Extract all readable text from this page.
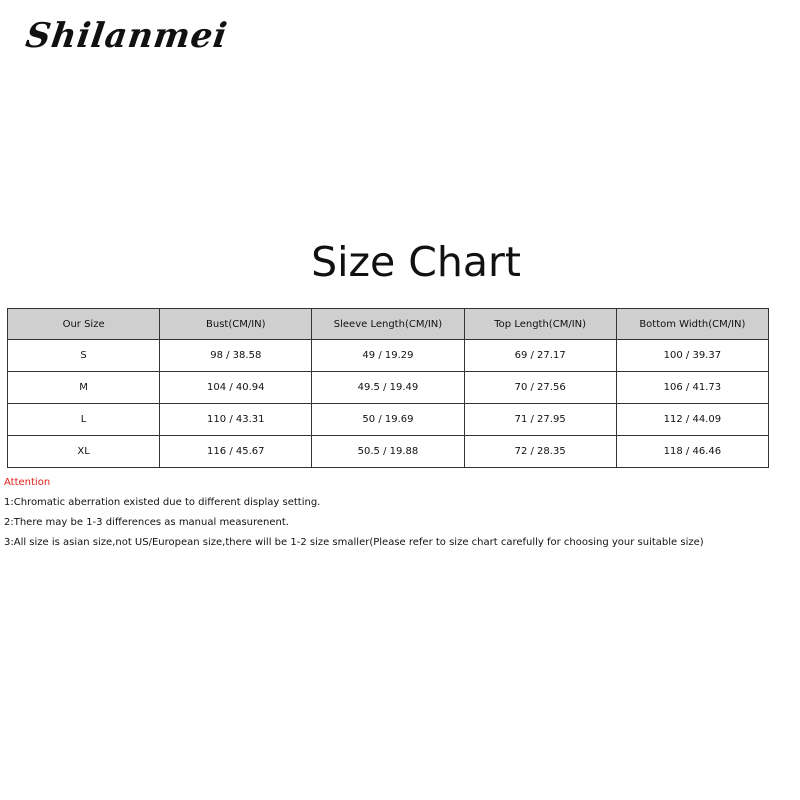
Shilanmei
Size Chart
Our Size	Bust(CM/IN)	Sleeve Length(CM/IN)	Top Length(CM/IN)	Bottom Width(CM/IN)
S	98 / 38.58	49 / 19.29	69 / 27.17	100 / 39.37
M	104 / 40.94	49.5 / 19.49	70 / 27.56	106 / 41.73
L	110 / 43.31	50 / 19.69	71 / 27.95	112 / 44.09
XL	116 / 45.67	50.5 / 19.88	72 / 28.35	118 / 46.46
Attention
1:Chromatic aberration existed due to different display setting.
2:There may be 1-3 differences as manual measurenent.
3:All size is asian size,not US/European size,there will be 1-2 size smaller(Please refer to size chart carefully for choosing your suitable size)
